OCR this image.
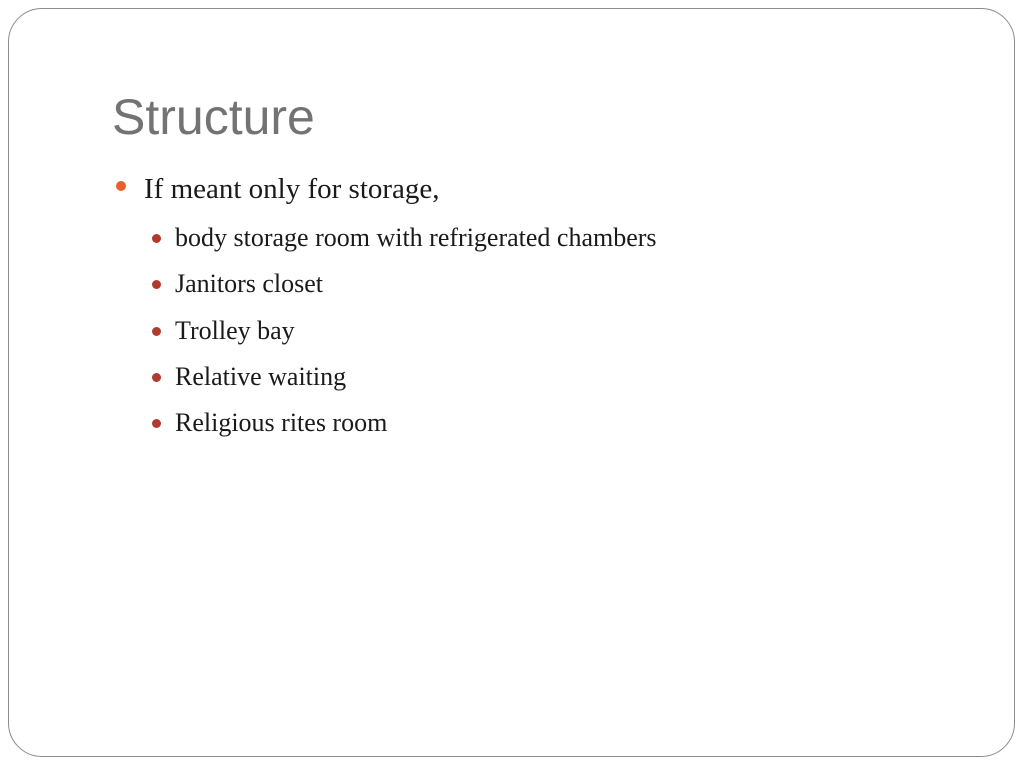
Structure
If meant only for storage,
body storage room with refrigerated chambers
Janitors closet
Trolley bay
Relative waiting
Religious rites room
